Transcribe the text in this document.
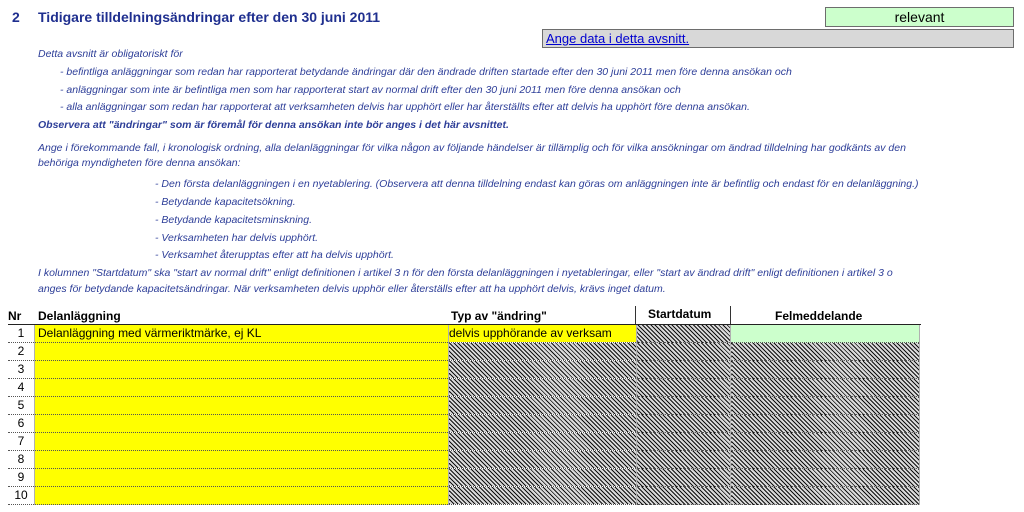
2 Tidigare tilldelningsändringar efter den 30 juni 2011	relevant
Ange data i detta avsnitt.
Detta avsnitt är obligatoriskt för
- befintliga anläggningar som redan har rapporterat betydande ändringar där den ändrade driften startade efter den 30 juni 2011 men före denna ansökan och
- anläggningar som inte är befintliga men som har rapporterat start av normal drift efter den 30 juni 2011 men före denna ansökan och
- alla anläggningar som redan har rapporterat att verksamheten delvis har upphört eller har återställts efter att delvis ha upphört före denna ansökan.
Observera att "ändringar" som är föremål för denna ansökan inte bör anges i det här avsnittet.
Ange i förekommande fall, i kronologisk ordning, alla delanläggningar för vilka någon av följande händelser är tillämplig och för vilka ansökningar om ändrad tilldelning har godkänts av den
behöriga myndigheten före denna ansökan:
- Den första delanläggningen i en nyetablering. (Observera att denna tilldelning endast kan göras om anläggningen inte är befintlig och endast för en delanläggning.)
- Betydande kapacitetsökning.
- Betydande kapacitetsminskning.
- Verksamheten har delvis upphört.
- Verksamhet återupptas efter att ha delvis upphört.
I kolumnen "Startdatum" ska "start av normal drift" enligt definitionen i artikel 3 n för den första delanläggningen i nyetableringar, eller "start av ändrad drift" enligt definitionen i artikel 3 o
anges för betydande kapacitetsändringar. När verksamheten delvis upphör eller återställs efter att ha upphört delvis, krävs inget datum.
Nr Delanläggning	Typ av "ändring"	Startdatum	Felmeddelande
1	Delanläggning med värmeriktmärke, ej KL	delvis upphörande av verksam		
2				
3				
4				
5				
6				
7				
8				
9				
10				
